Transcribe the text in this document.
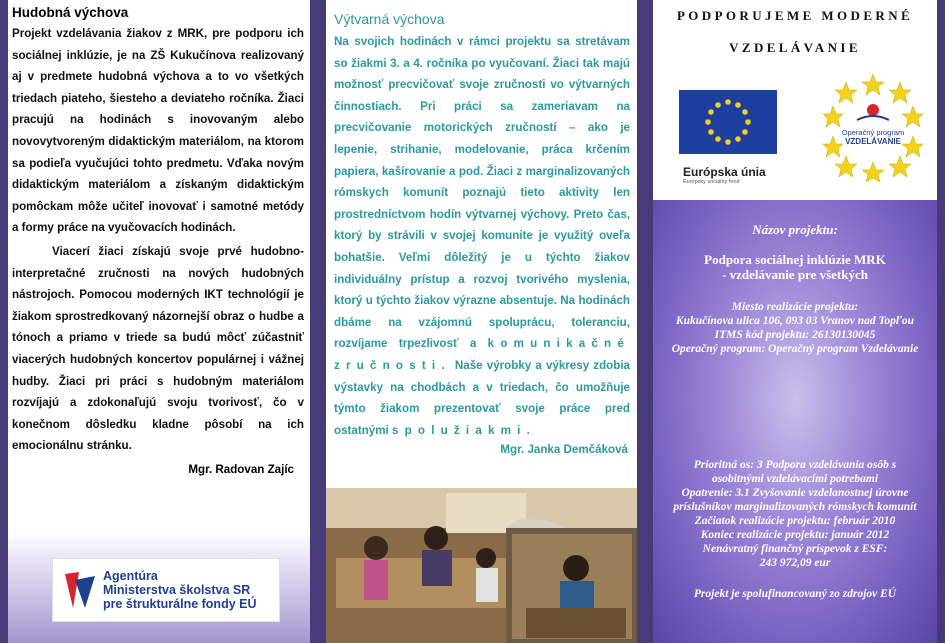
Hudobná výchova
Projekt vzdelávania žiakov z MRK, pre podporu ich sociálnej inklúzie, je na ZŠ Kukučínova realizovaný aj v predmete hudobná výchova a to vo všetkých triedach piateho, šiesteho a deviateho ročníka. Žiaci pracujú na hodinách s inovovaným alebo novovytvoreným didaktickým materiálom, na ktorom sa podieľa vyučujúci tohto predmetu. Vďaka novým didaktickým materiálom a získaným didaktickým pomôckam môže učiteľ inovovať i samotné metódy a formy práce na vyučovacích hodinách.
Viacerí žiaci získajú svoje prvé hudobno-interpretačné zručnosti na nových hudobných nástrojoch. Pomocou moderných IKT technológií je žiakom sprostredkovaný názornejší obraz o hudbe a tónoch a priamo v triede sa budú môcť zúčastniť viacerých hudobných koncertov populárnej i vážnej hudby. Žiaci pri práci s hudobným materiálom rozvíjajú a zdokonaľujú svoju tvorivosť, čo v konečnom dôsledku kladne pôsobí na ich emocionálnu stránku.
Mgr. Radovan Zajíc
Agentúra
Ministerstva školstva SR
pre štrukturálne fondy EÚ
Výtvarná výchova
Na svojich hodinách v rámci projektu sa stretávam so žiakmi 3. a 4. ročníka po vyučovaní. Žiaci tak majú možnosť precvičovať svoje zručnosti vo výtvarných činnostiach. Pri práci sa zameriavam na precvičovanie motorických zručností – ako je lepenie, strihanie, modelovanie, práca krčením papiera, kašírovanie a pod. Žiaci z marginalizovaných rómskych komunít poznajú tieto aktivity len prostredníctvom hodín výtvarnej výchovy. Preto čas, ktorý by strávili v svojej komunite je využitý oveľa bohatšie. Veľmi dôležitý je u týchto žiakov individuálny prístup a rozvoj tvorivého myslenia, ktorý u týchto žiakov výrazne absentuje. Na hodinách dbáme na vzájomnú spoluprácu, toleranciu, rozvíjame trpezlivosť a komunikačné zručnosti. Naše výrobky a výkresy zdobia výstavky na chodbách a v triedach, čo umožňuje týmto žiakom prezentovať svoje práce pred ostatnými spolužiakmi.
Mgr. Janka Demčáková
PODPORUJEME MODERNÉ
VZDELÁVANIE
Európska únia
Európsky sociálny fond
Operačný program
VZDELÁVANIE
Názov projektu:
Podpora sociálnej inklúzie MRK
- vzdelávanie pre všetkých
Miesto realizácie projektu:
Kukučínova ulica 106, 093 03 Vranov nad Topľou
ITMS kód projektu: 26130130045
Operačný program: Operačný program Vzdelávanie
Prioritná os: 3 Podpora vzdelávania osôb s osobitnými vzdelávacími potrebami
Opatrenie: 3.1 Zvyšovanie vzdelanostnej úrovne príslušníkov marginalizovaných rómskych komunít
Začiatok realizácie projektu: február 2010
Koniec realizácie projektu: január 2012
Nenávratný finančný príspevok z ESF:
243 972,09 eur
Projekt je spolufinancovaný zo zdrojov EÚ
